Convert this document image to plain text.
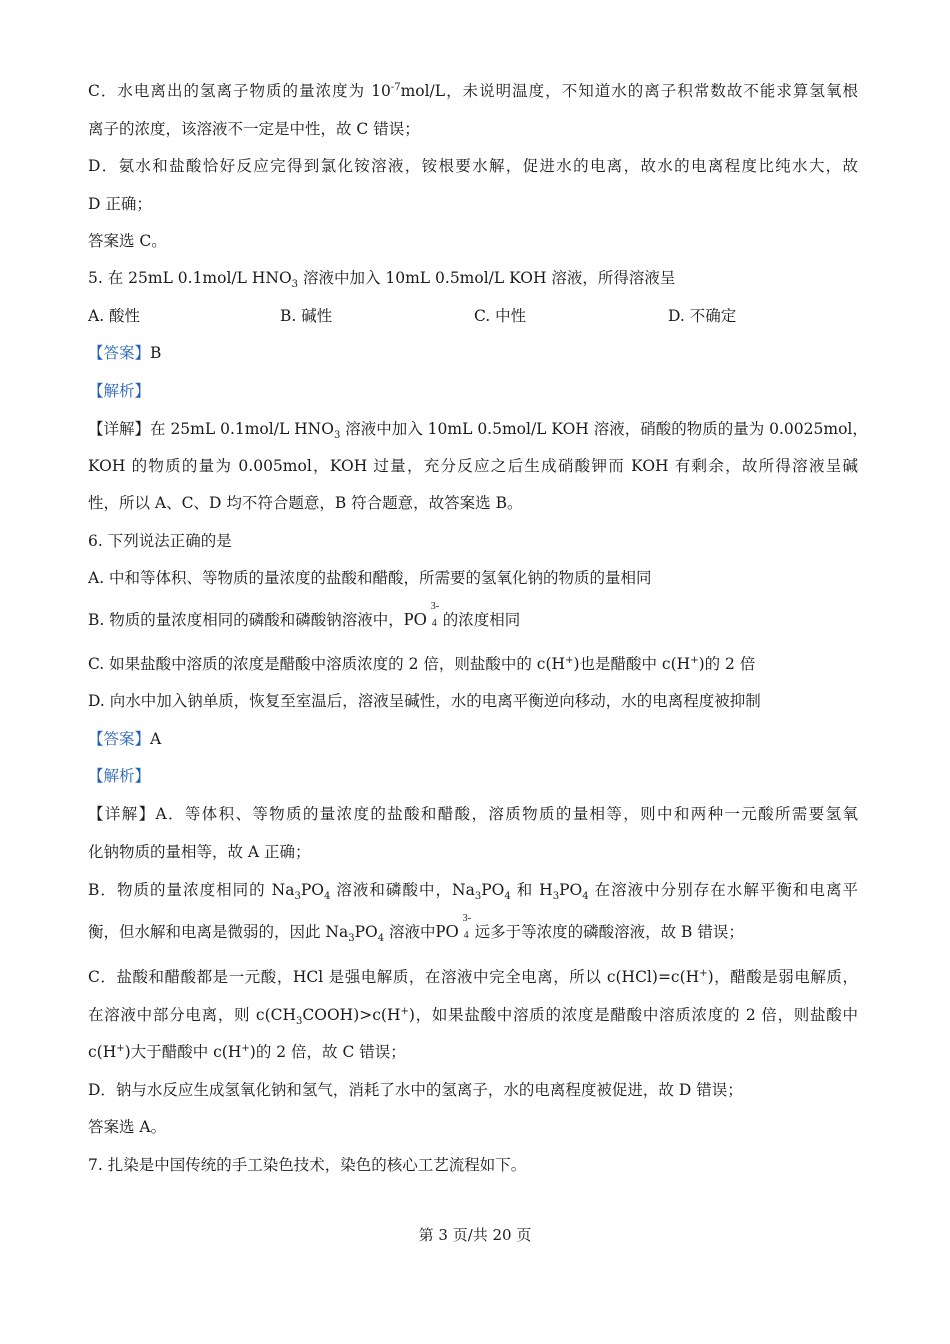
C．水电离出的氢离子物质的量浓度为 $10^{-7}mol/L$，未说明温度，不知道水的离子积常数故不能求算氢氧根
离子的浓度，该溶液不一定是中性，故 C 错误；
D．氨水和盐酸恰好反应完得到氯化铵溶液，铵根要水解，促进水的电离，故水的电离程度比纯水大，故
D 正确；
答案选 C。
5. 在 25mL 0.1mol/L $HNO_3$ 溶液中加入 10mL 0.5mol/L KOH 溶液，所得溶液呈
A. 酸性	B. 碱性	C. 中性	D. 不确定
【答案】B
【解析】
【详解】在 25mL 0.1mol/L $HNO_3$ 溶液中加入 10mL 0.5mol/L KOH 溶液，硝酸的物质的量为 0.0025mol，
KOH 的物质的量为 0.005mol，KOH 过量，充分反应之后生成硝酸钾而 KOH 有剩余，故所得溶液呈碱
性，所以 A、C、D 均不符合题意，B 符合题意，故答案选 B。
6. 下列说法正确的是
A. 中和等体积、等物质的量浓度的盐酸和醋酸，所需要的氢氧化钠的物质的量相同
B. 物质的量浓度相同的磷酸和磷酸钠溶液中，PO
3-
4 的浓度相同
C. 如果盐酸中溶质的浓度是醋酸中溶质浓度的 2 倍，则盐酸中的 c(H+)也是醋酸中 c(H+)的 2 倍
D. 向水中加入钠单质，恢复至室温后，溶液呈碱性，水的电离平衡逆向移动，水的电离程度被抑制
【答案】A
【解析】
【详解】A．等体积、等物质的量浓度的盐酸和醋酸，溶质物质的量相等，则中和两种一元酸所需要氢氧
化钠物质的量相等，故 A 正确；
B．物质的量浓度相同的 $Na_3PO_4$ 溶液和磷酸中，$Na_3PO_4$ 和 $H_3PO_4$ 在溶液中分别存在水解平衡和电离平
衡，但水解和电离是微弱的，因此 $Na_3PO_4$ 溶液中PO
3-
4 远多于等浓度的磷酸溶液，故 B 错误；
C．盐酸和醋酸都是一元酸，HCl 是强电解质，在溶液中完全电离，所以 c(HCl)=c(H+)，醋酸是弱电解质，
在溶液中部分电离，则 $c(CH_3COOH)>c(H^+)$，如果盐酸中溶质的浓度是醋酸中溶质浓度的 2 倍，则盐酸中
c(H+)大于醋酸中 c(H+)的 2 倍，故 C 错误；
D．钠与水反应生成氢氧化钠和氢气，消耗了水中的氢离子，水的电离程度被促进，故 D 错误；
答案选 A。
7. 扎染是中国传统的手工染色技术，染色的核心工艺流程如下。
第 3 页/共 20 页
